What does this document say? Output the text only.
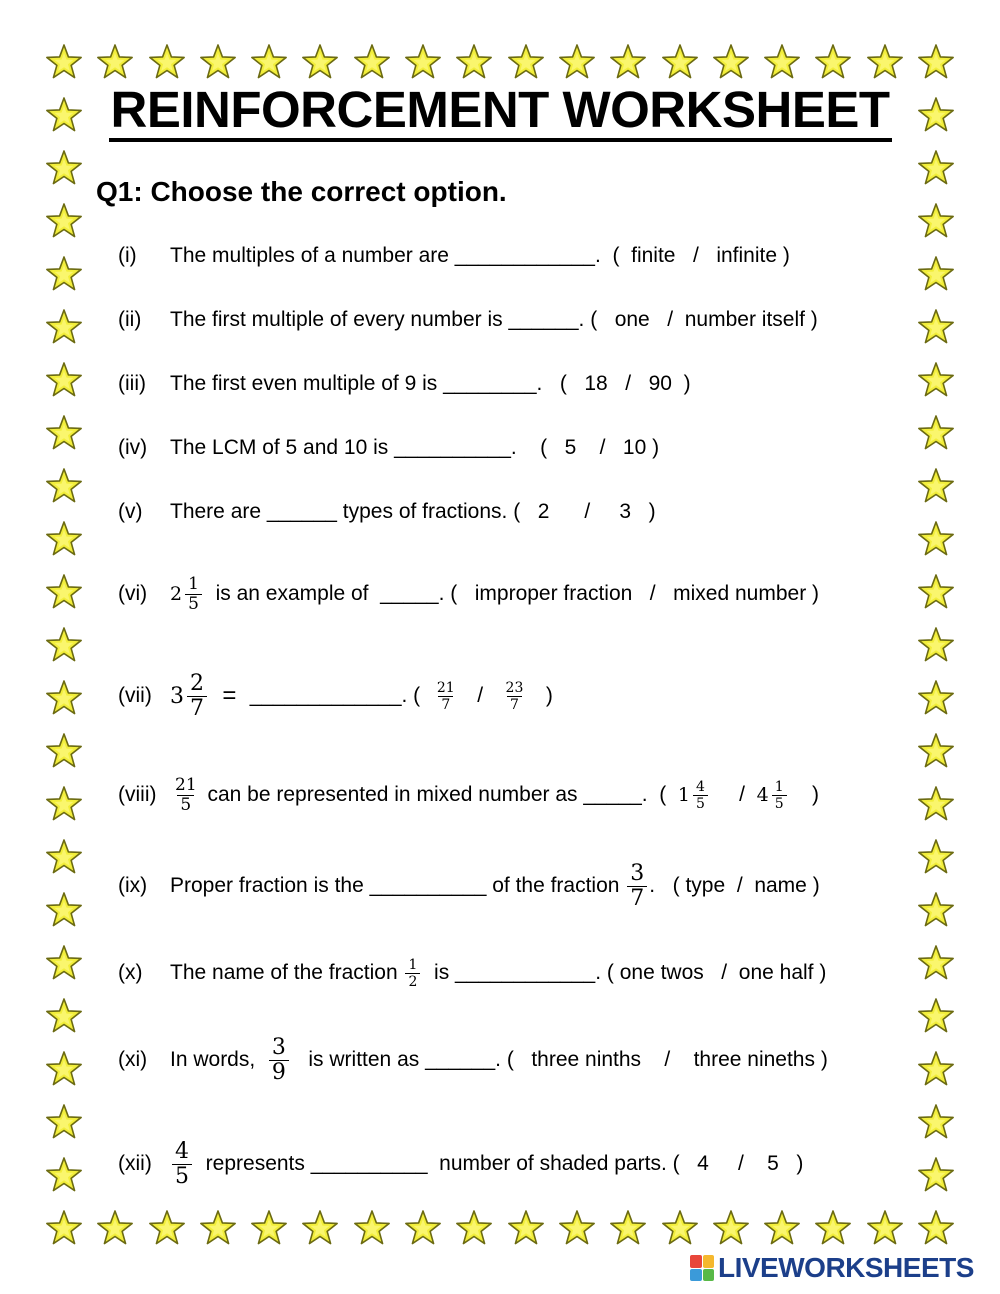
REINFORCEMENT WORKSHEET
Q1: Choose the correct option.
(i)	The multiples of a number are ____________.  (  finite   /   infinite )
(ii)	The first multiple of every number is ______. (   one   /  number itself )
(iii)	The first even multiple of 9 is ________.   (   18   /   90  )
(iv)	The LCM of 5 and 10 is __________.    (   5    /   10 )
(v)	There are ______ types of fractions. (   2      /     3   )
(vi)	$2 \frac{1}{5}$ is an example of  _____. (   improper fraction   /   mixed number )
(vii) $3 \frac{2}{7}$ = _____________. ( $\frac{21}{7} / \frac{23}{7}$ )
(viii) $\frac{21}{5}$ can be represented in mixed number as _____.  ( $1 \frac{4}{5} / 4 \frac{1}{5}$ )
(ix)	Proper fraction is the __________ of the fraction $\frac{3}{7}$ .   ( type  /  name )
(x)	The name of the fraction $\frac{1}{2}$ is ____________. ( one twos   /  one half )
(xi)	In words, $\frac{3}{9}$ is written as ______. (   three ninths    /    three nineths )
$(xii) \frac{4}{5}$ represents __________  number of shaded parts. (   4     /    5   )
LIVEWORKSHEETS
